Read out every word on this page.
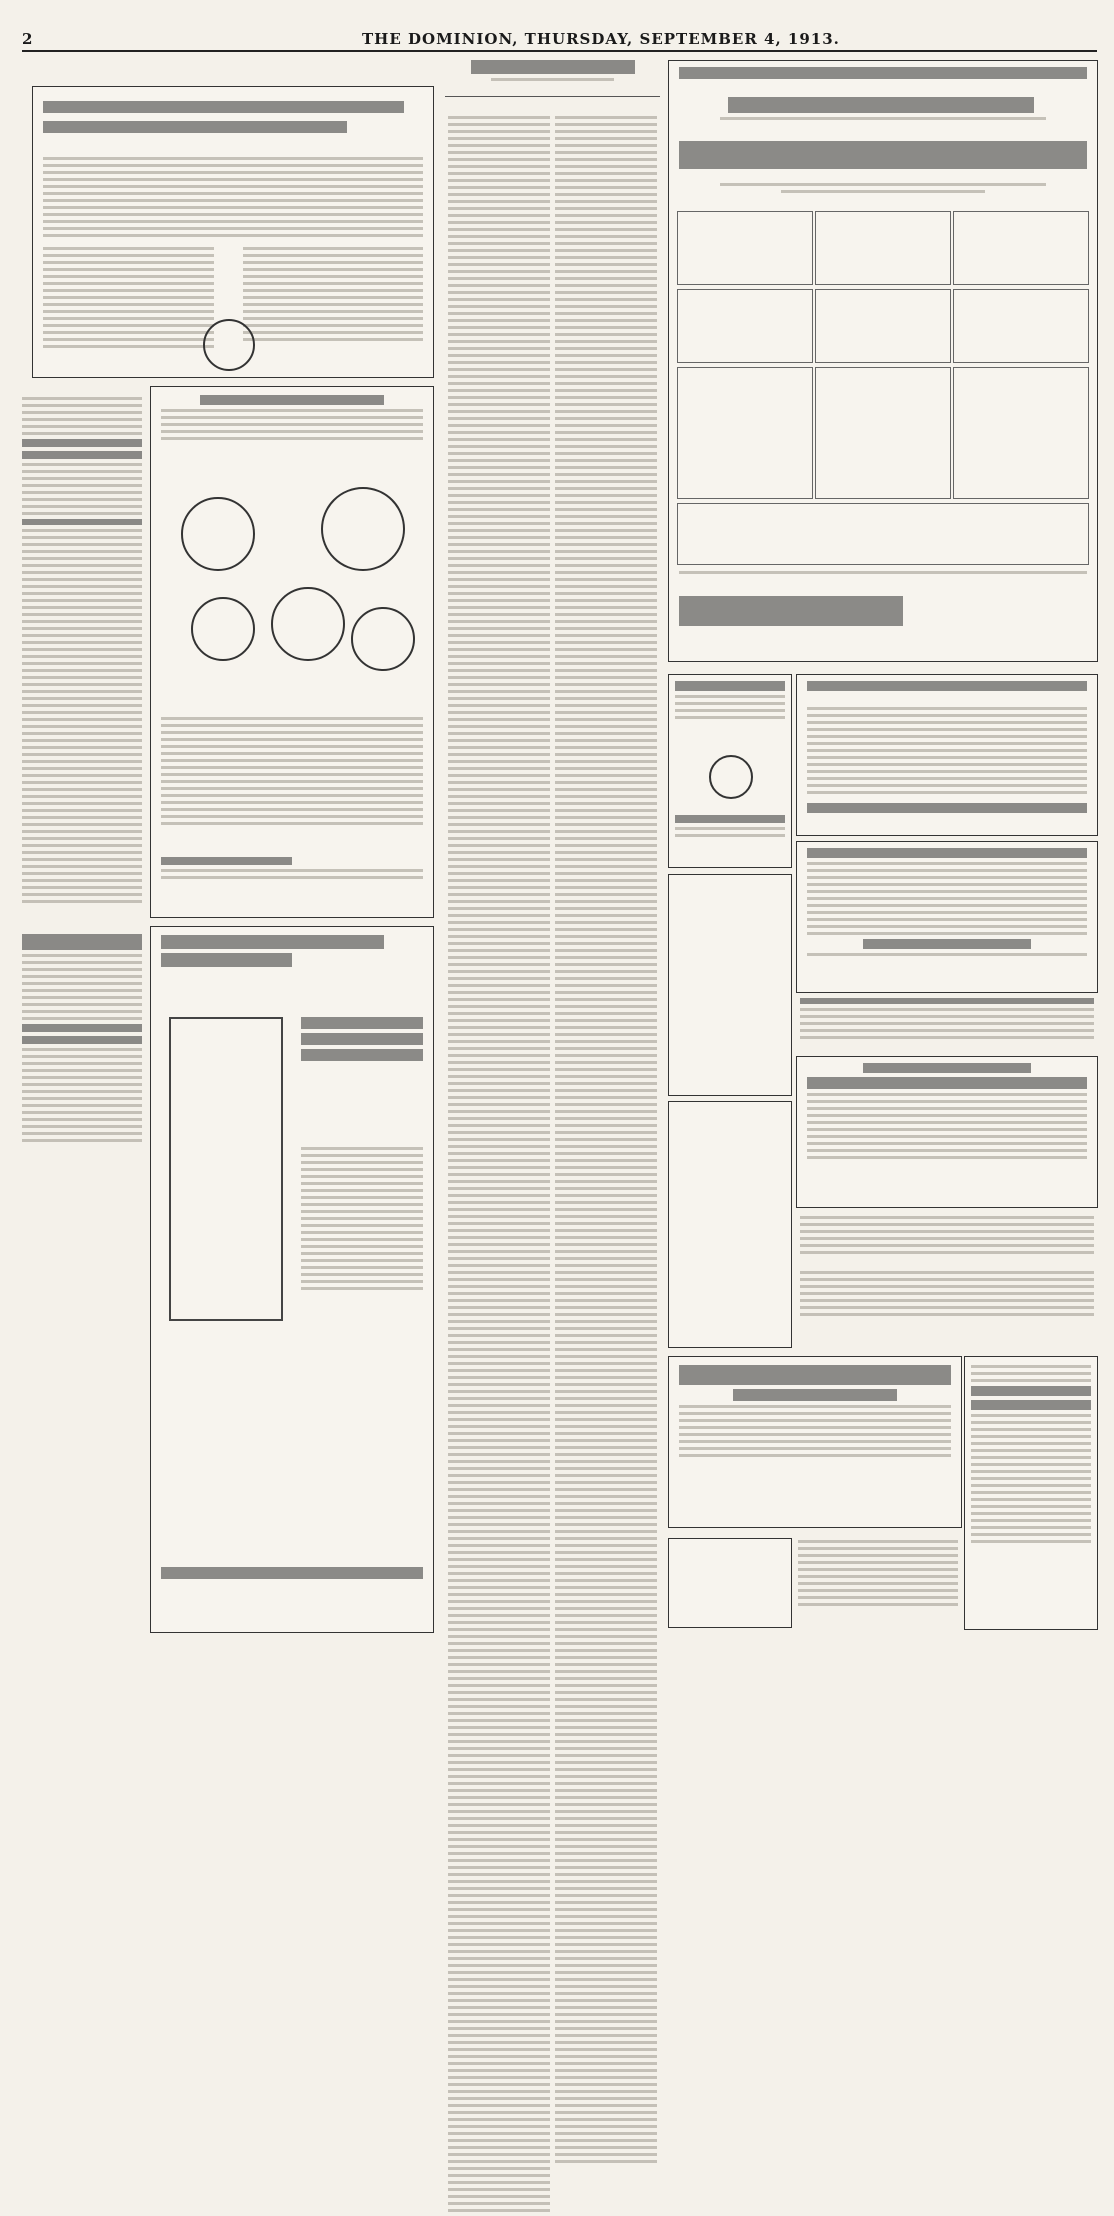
2	THE DOMINION, THURSDAY, SEPTEMBER 4, 1913.
